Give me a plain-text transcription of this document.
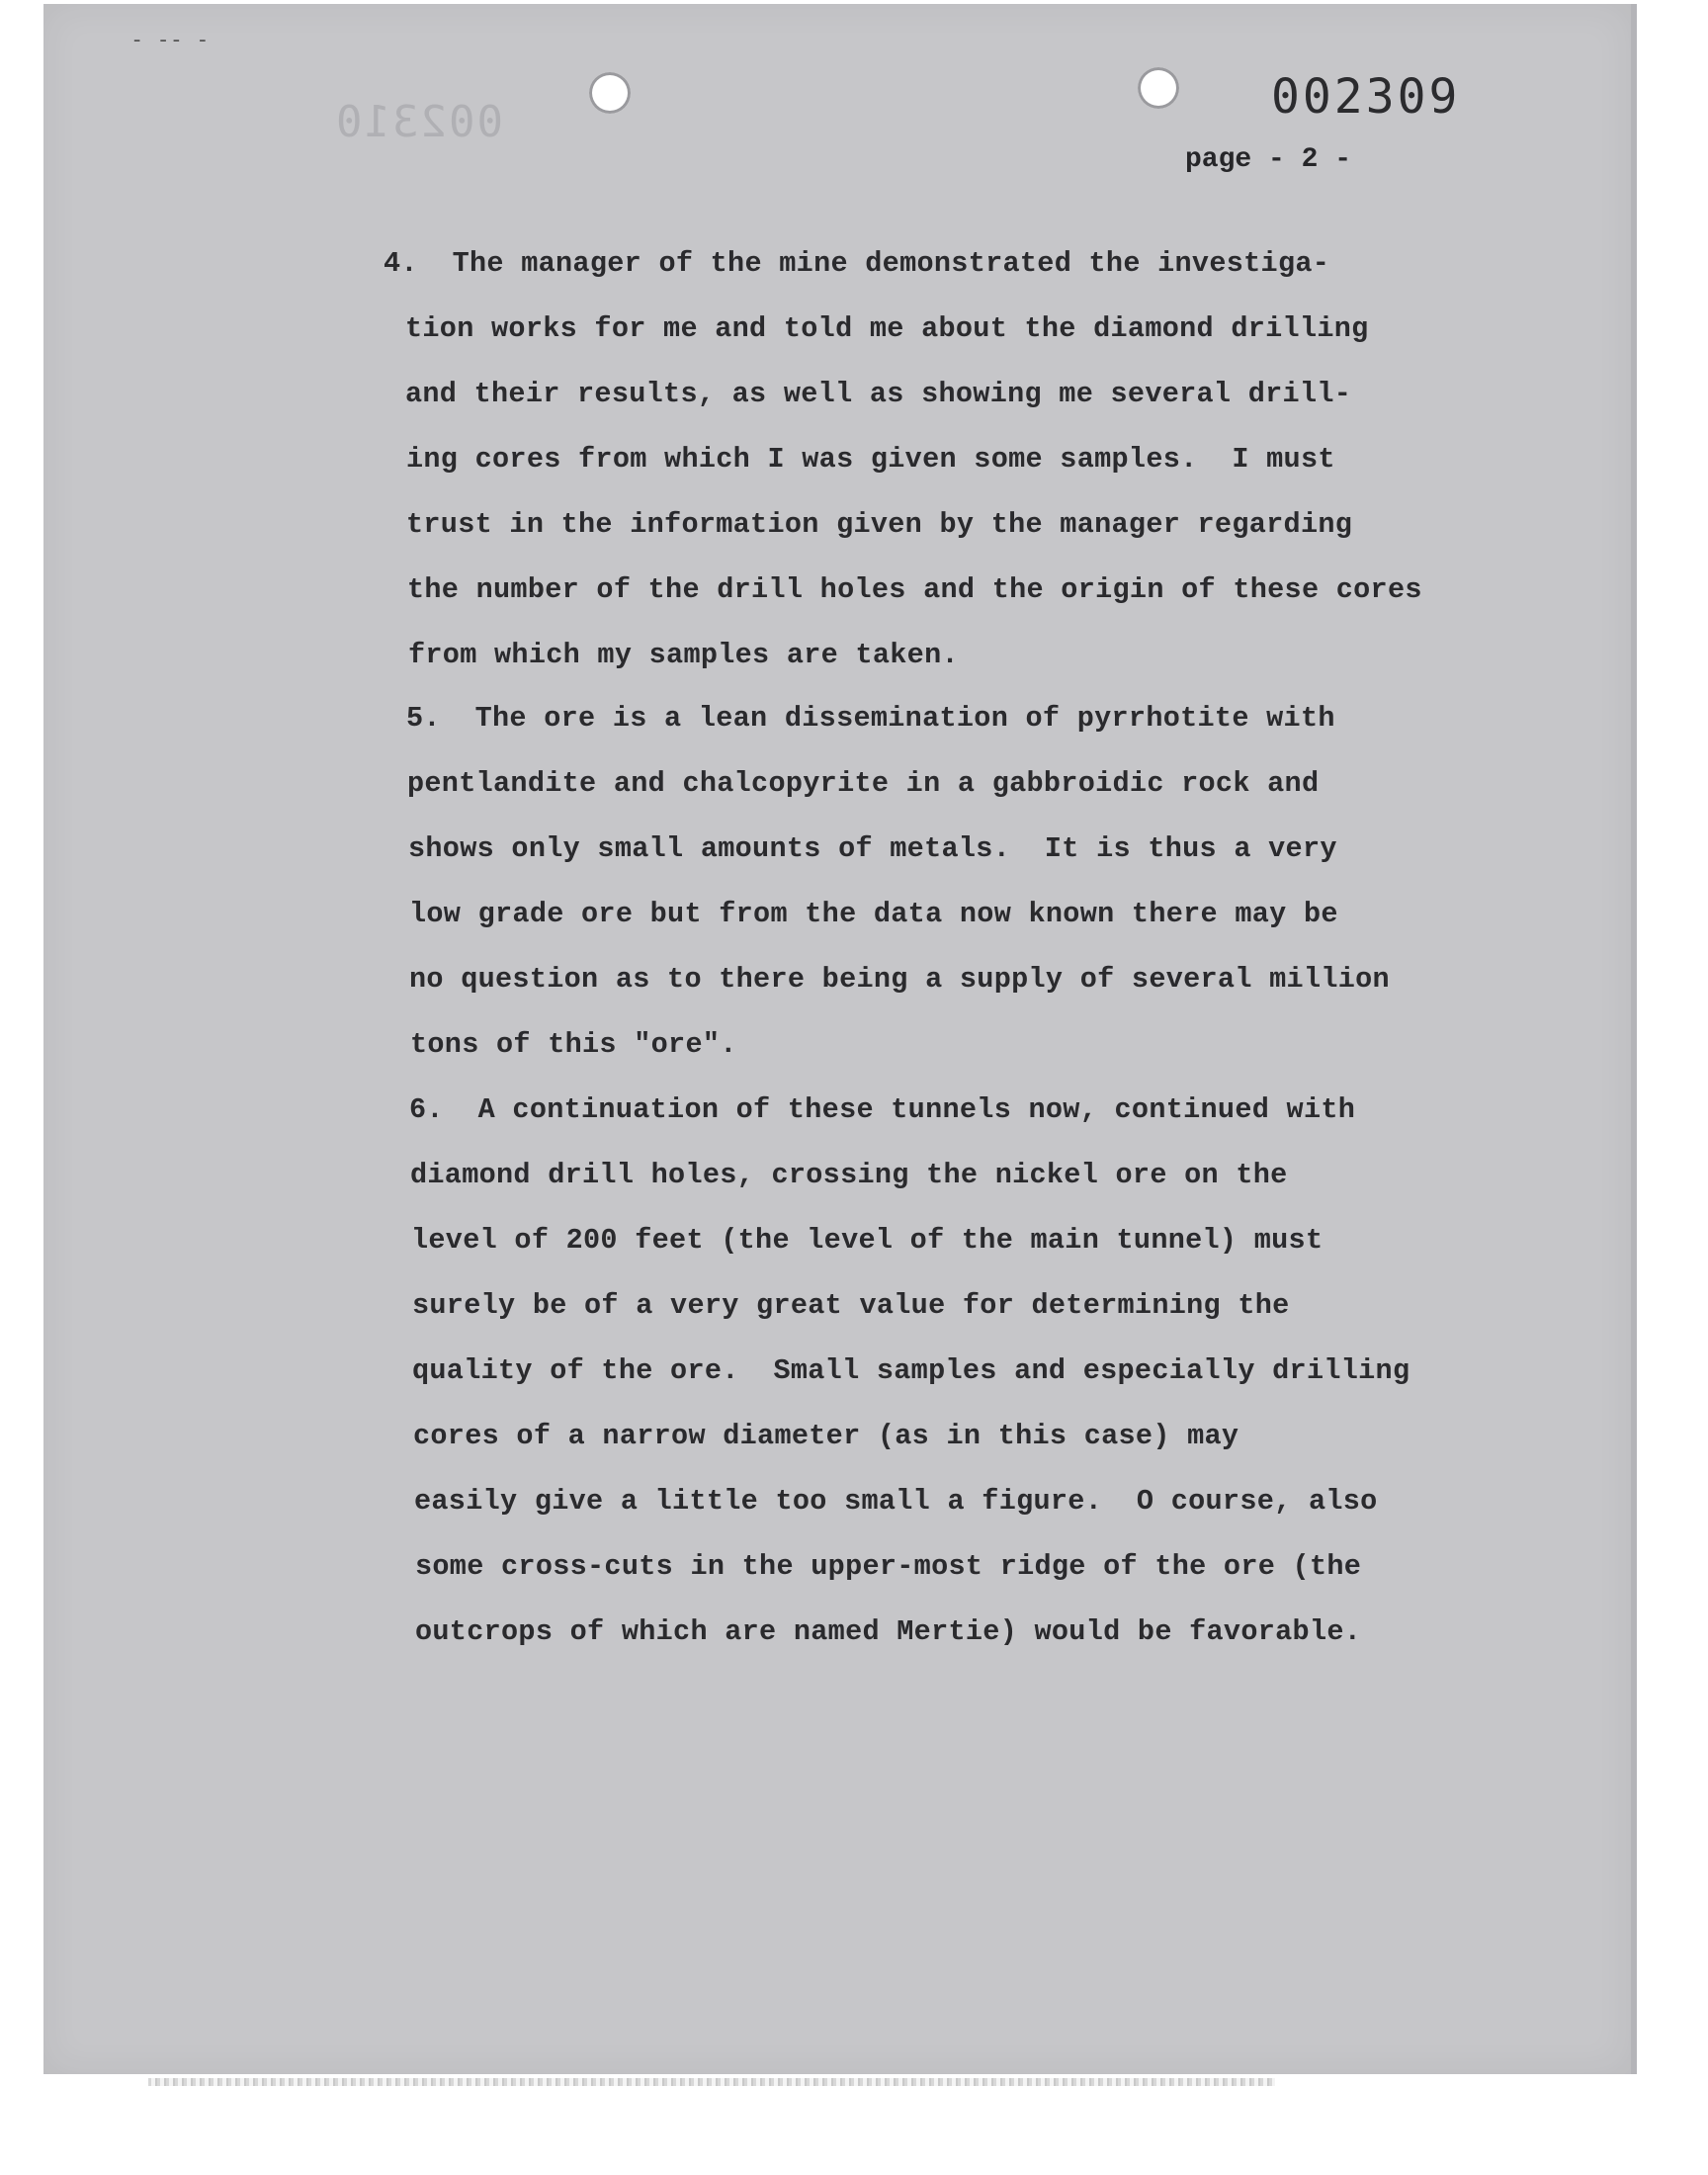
- -- -
002310	002309
page - 2 -
4.  The manager of the mine demonstrated the investiga-
tion works for me and told me about the diamond drilling
and their results, as well as showing me several drill-
ing cores from which I was given some samples.  I must
trust in the information given by the manager regarding
the number of the drill holes and the origin of these cores
from which my samples are taken.
5.  The ore is a lean dissemination of pyrrhotite with
pentlandite and chalcopyrite in a gabbroidic rock and
shows only small amounts of metals.  It is thus a very
low grade ore but from the data now known there may be
no question as to there being a supply of several million
tons of this "ore".
6.  A continuation of these tunnels now, continued with
diamond drill holes, crossing the nickel ore on the
level of 200 feet (the level of the main tunnel) must
surely be of a very great value for determining the
quality of the ore.  Small samples and especially drilling
cores of a narrow diameter (as in this case) may
easily give a little too small a figure.  O course, also
some cross-cuts in the upper-most ridge of the ore (the
outcrops of which are named Mertie) would be favorable.
